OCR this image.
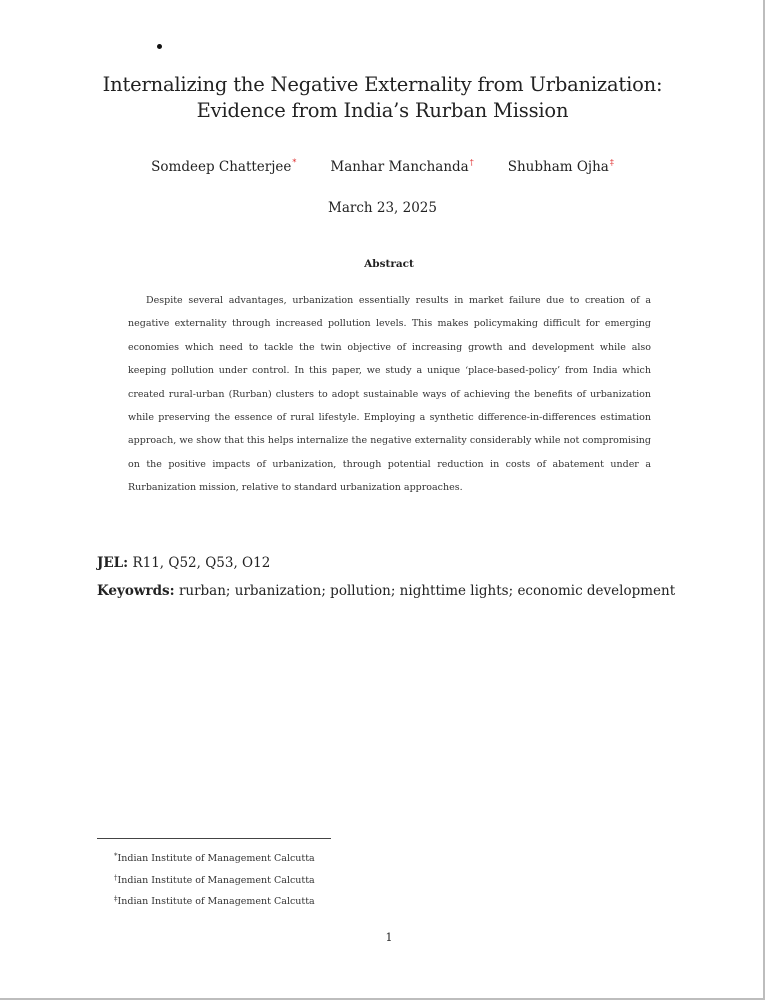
Internalizing the Negative Externality from Urbanization:
Evidence from India’s Rurban Mission
Somdeep Chatterjee*	Manhar Manchanda†	Shubham Ojha‡
March 23, 2025
Abstract
Despite several advantages, urbanization essentially results in market failure due to creation of a negative externality through increased pollution levels. This makes policymaking difficult for emerging economies which need to tackle the twin objective of increasing growth and development while also keeping pollution under control. In this paper, we study a unique ‘place-based-policy’ from India which created rural-urban (Rurban) clusters to adopt sustainable ways of achieving the benefits of urbanization while preserving the essence of rural lifestyle. Employing a synthetic difference-in-differences estimation approach, we show that this helps internalize the negative externality considerably while not compromising on the positive impacts of urbanization, through potential reduction in costs of abatement under a Rurbanization mission, relative to standard urbanization approaches.
JEL: R11, Q52, Q53, O12
Keyowrds: rurban; urbanization; pollution; nighttime lights; economic development
*Indian Institute of Management Calcutta
†Indian Institute of Management Calcutta
‡Indian Institute of Management Calcutta
1
